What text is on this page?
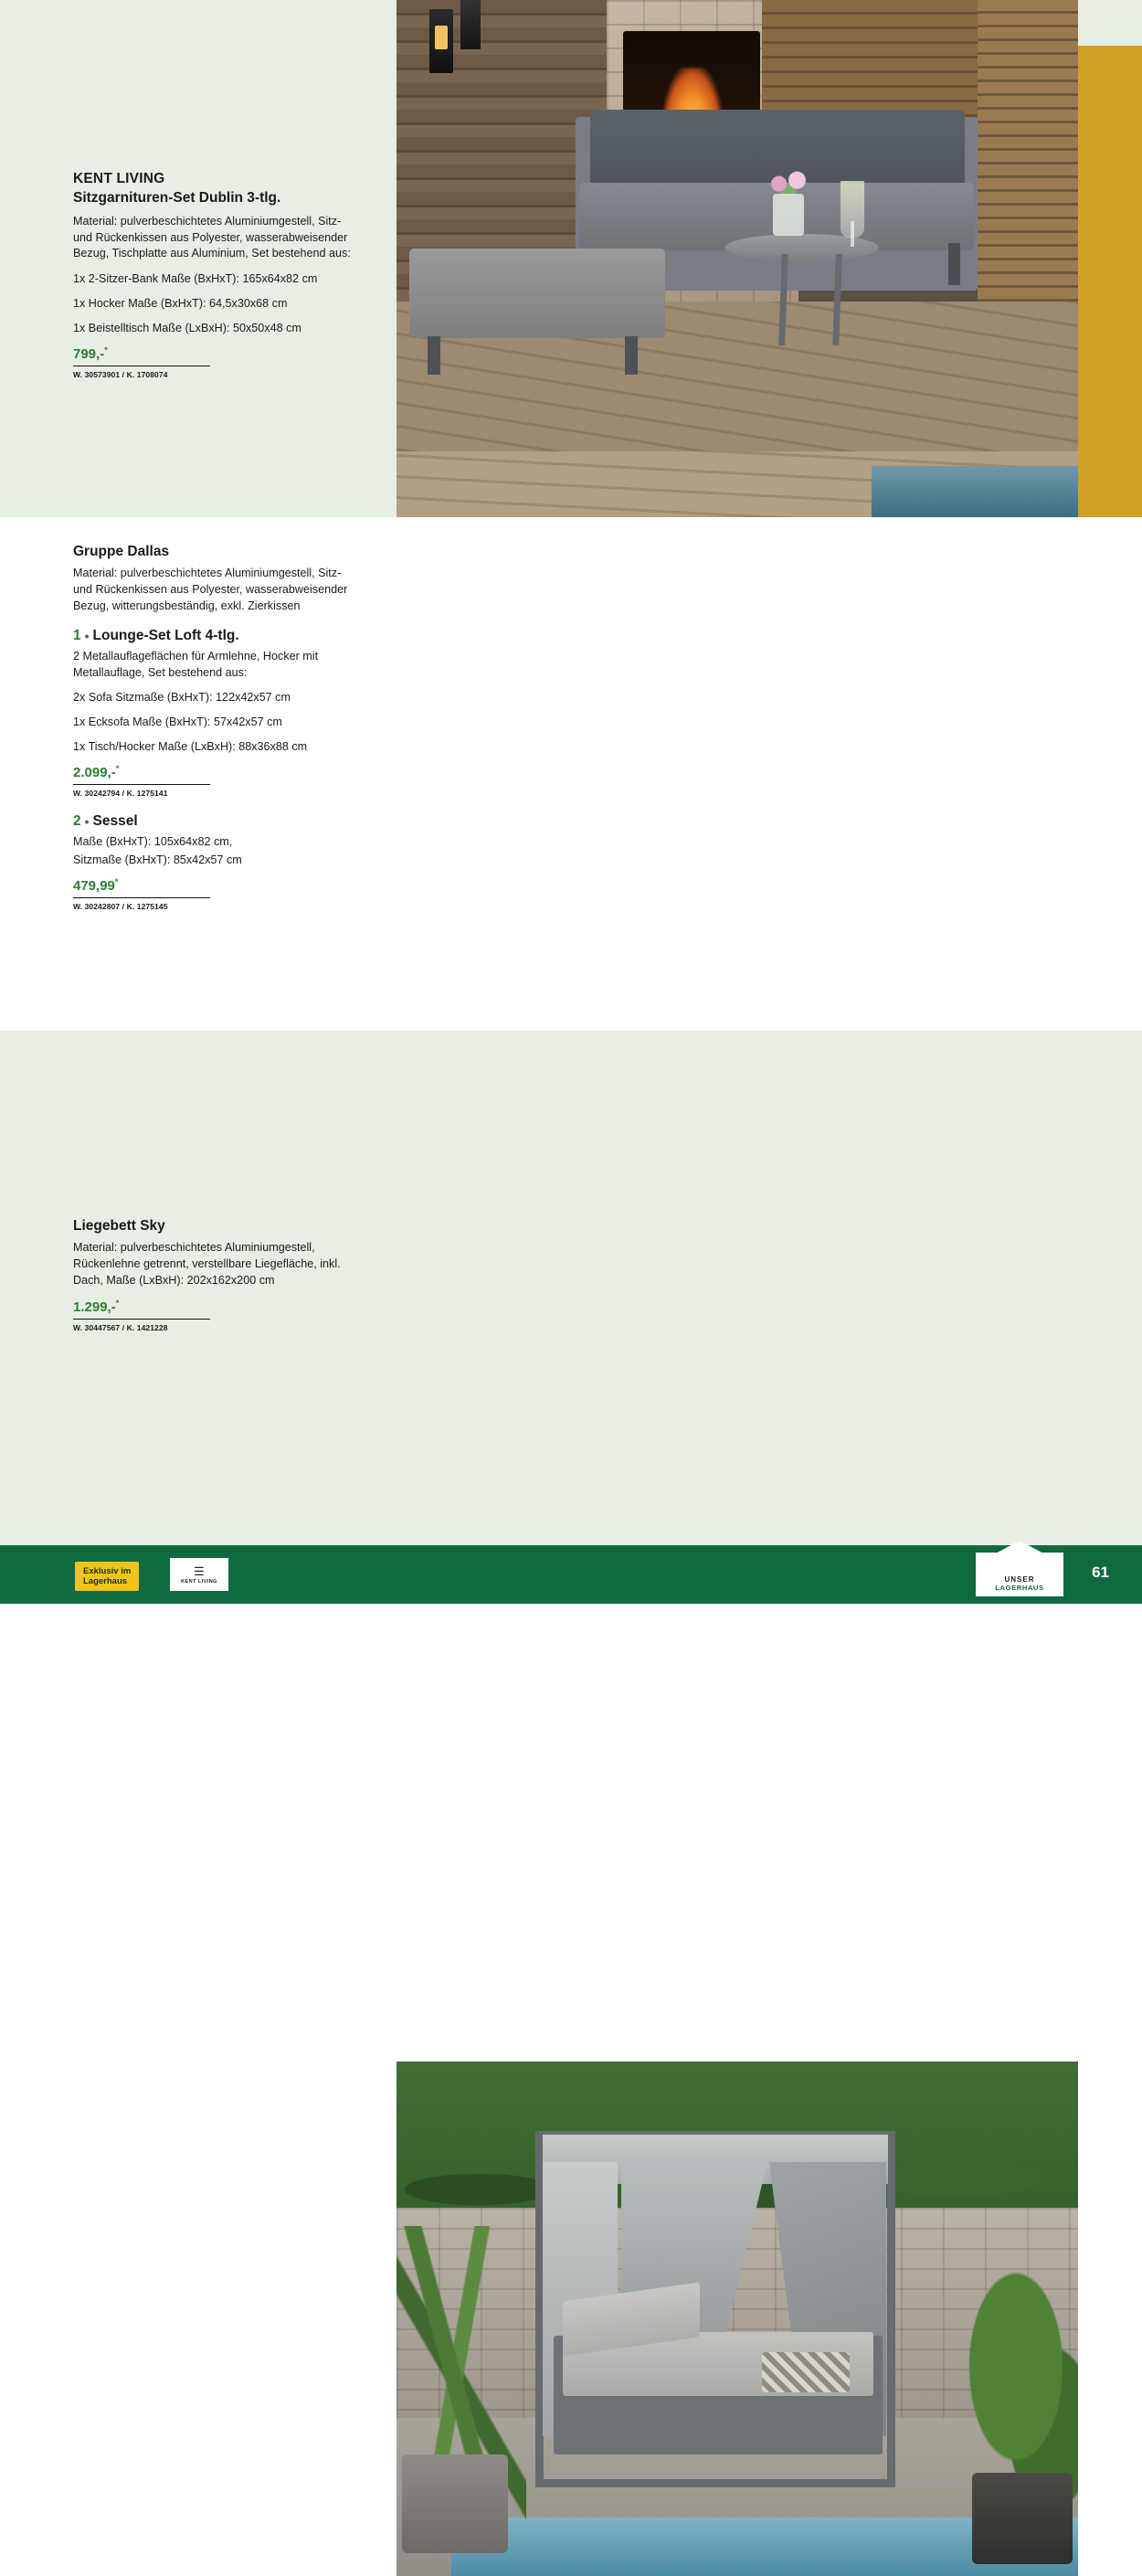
KENT LIVING

Sitzgarnituren-Set Dublin 3-tlg.

Material: pulverbeschichtetes Aluminiumgestell, Sitz- und Rückenkissen aus Polyester, wasserabweisender Bezug, Tischplatte aus Aluminium, Set bestehend aus:

1x 2-Sitzer-Bank Maße (BxHxT): 165x64x82 cm

1x Hocker Maße (BxHxT): 64,5x30x68 cm

1x Beistelltisch Maße (LxBxH): 50x50x48 cm

799,-*

W. 30573901 / K. 1708074

Gruppe Dallas

Material: pulverbeschichtetes Aluminiumgestell, Sitz- und Rückenkissen aus Polyester, wasserabweisender Bezug, witterungsbeständig, exkl. Zierkissen

1 • Lounge-Set Loft 4-tlg.

2 Metallauflageflächen für Armlehne, Hocker mit Metallauflage, Set bestehend aus:

2x Sofa Sitzmaße (BxHxT): 122x42x57 cm

1x Ecksofa Maße (BxHxT): 57x42x57 cm

1x Tisch/Hocker Maße (LxBxH): 88x36x88 cm

2.099,-*

W. 30242794 / K. 1275141

2 • Sessel

Maße (BxHxT): 105x64x82 cm,

Sitzmaße (BxHxT): 85x42x57 cm

479,99*

W. 30242807 / K. 1275145

Liegebett Sky

Material: pulverbeschichtetes Aluminiumgestell, Rückenlehne getrennt, verstellbare Liegefläche, inkl. Dach, Maße (LxBxH): 202x162x200 cm

1.299,-*

W. 30447567 / K. 1421228

Exklusiv im
Lagerhaus
☰
KENT LIVING	UNSER
LAGERHAUS
61
